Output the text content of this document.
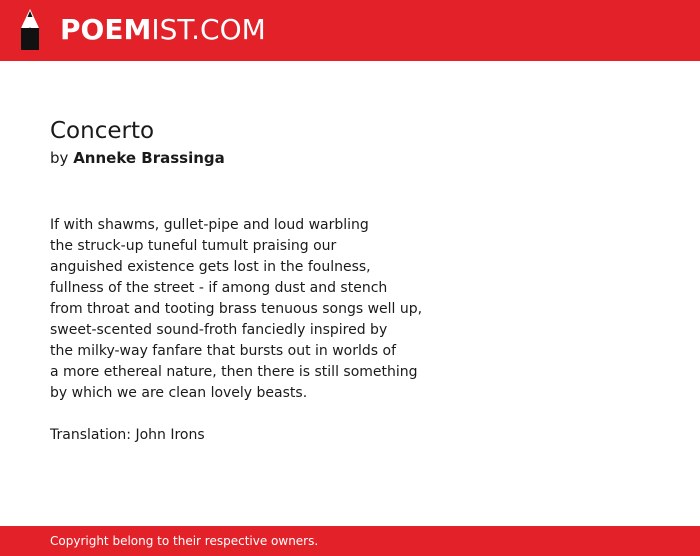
POEMIST.COM
Concerto
by Anneke Brassinga
If with shawms, gullet-pipe and loud warbling
the struck-up tuneful tumult praising our
anguished existence gets lost in the foulness,
fullness of the street - if among dust and stench
from throat and tooting brass tenuous songs well up,
sweet-scented sound-froth fanciedly inspired by
the milky-way fanfare that bursts out in worlds of
a more ethereal nature, then there is still something
by which we are clean lovely beasts.
Translation: John Irons
Copyright belong to their respective owners.
